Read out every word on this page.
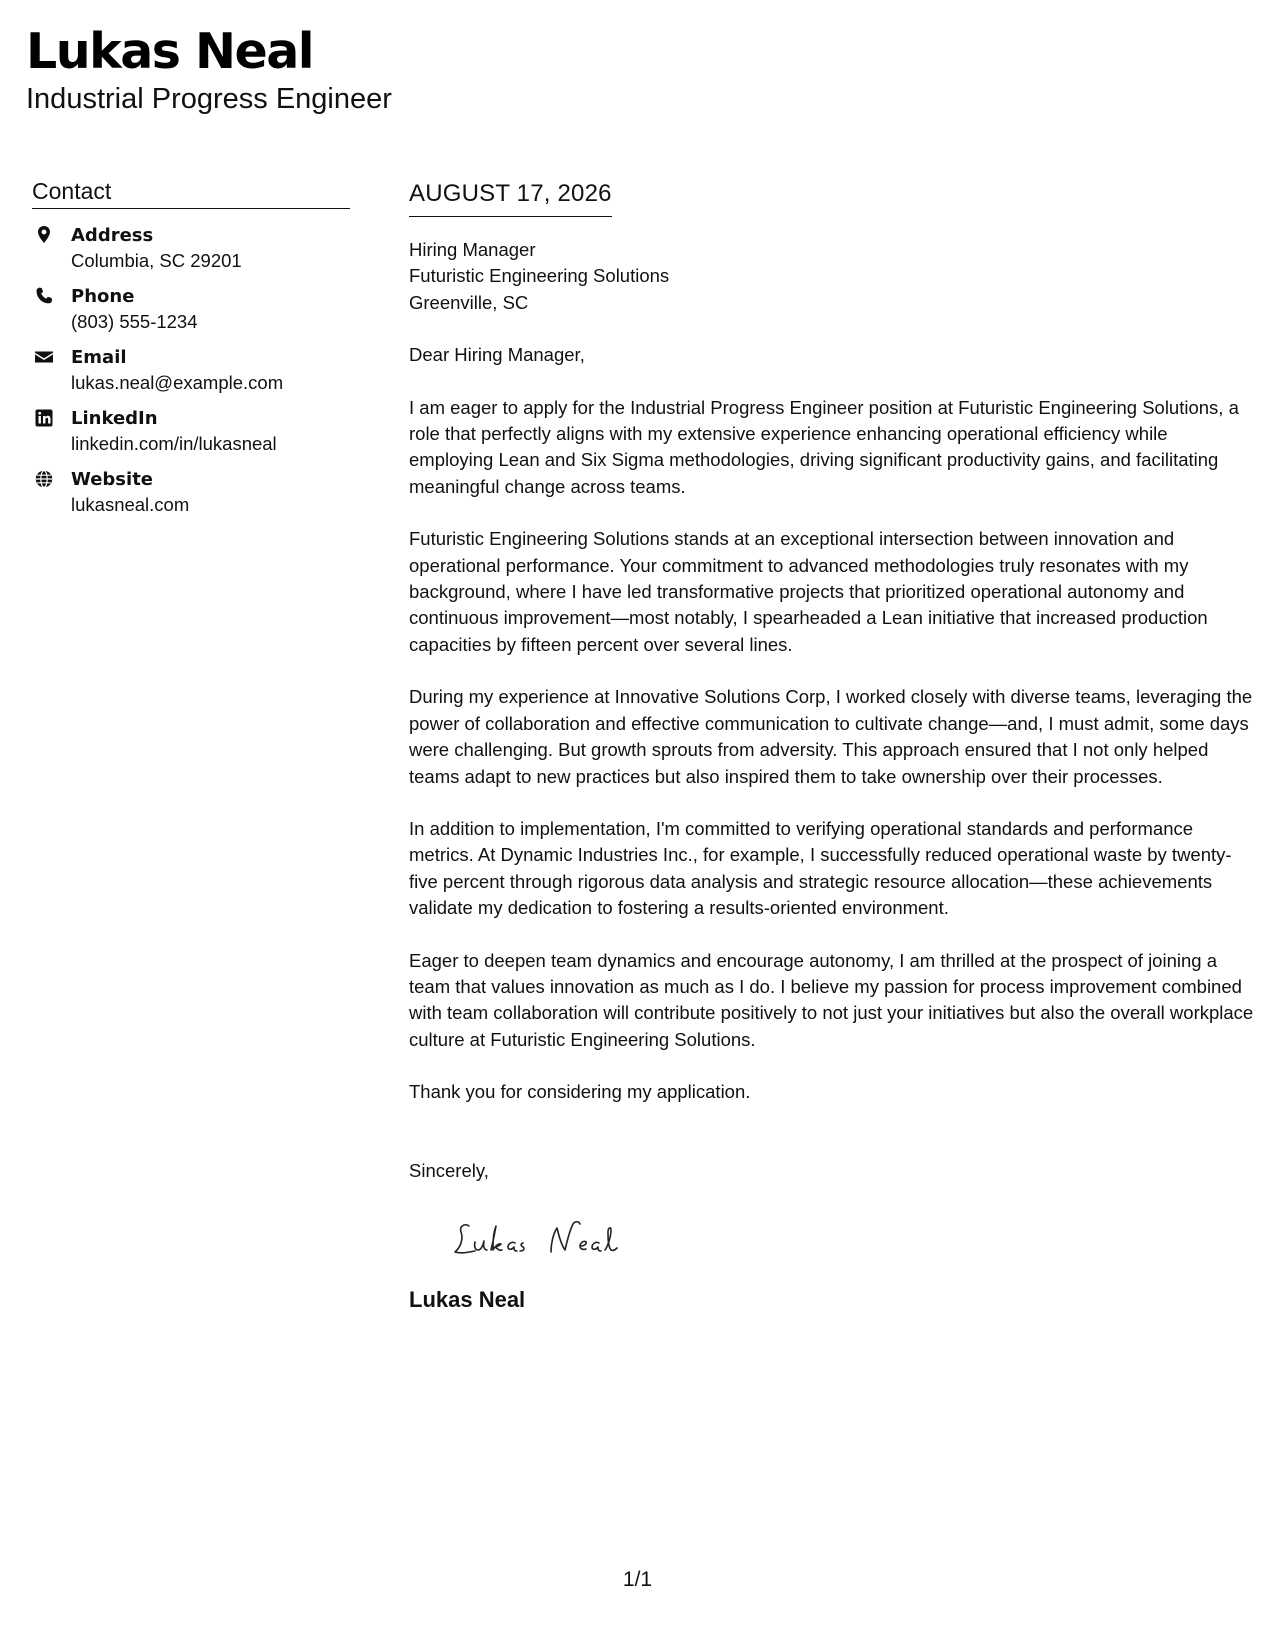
Lukas Neal
Industrial Progress Engineer
Contact
Address
Columbia, SC 29201
Phone
(803) 555-1234
Email
lukas.neal@example.com
LinkedIn
linkedin.com/in/lukasneal
Website
lukasneal.com
AUGUST 17, 2026
Hiring Manager
Futuristic Engineering Solutions
Greenville, SC
Dear Hiring Manager,

I am eager to apply for the Industrial Progress Engineer position at Futuristic Engineering Solutions, a role that perfectly aligns with my extensive experience enhancing operational efficiency while employing Lean and Six Sigma methodologies, driving significant productivity gains, and facilitating meaningful change across teams.

Futuristic Engineering Solutions stands at an exceptional intersection between innovation and operational performance. Your commitment to advanced methodologies truly resonates with my background, where I have led transformative projects that prioritized operational autonomy and continuous improvement—most notably, I spearheaded a Lean initiative that increased production capacities by fifteen percent over several lines.

During my experience at Innovative Solutions Corp, I worked closely with diverse teams, leveraging the power of collaboration and effective communication to cultivate change—and, I must admit, some days were challenging. But growth sprouts from adversity. This approach ensured that I not only helped teams adapt to new practices but also inspired them to take ownership over their processes.

In addition to implementation, I'm committed to verifying operational standards and performance metrics. At Dynamic Industries Inc., for example, I successfully reduced operational waste by twenty-five percent through rigorous data analysis and strategic resource allocation—these achievements validate my dedication to fostering a results-oriented environment.

Eager to deepen team dynamics and encourage autonomy, I am thrilled at the prospect of joining a team that values innovation as much as I do. I believe my passion for process improvement combined with team collaboration will contribute positively to not just your initiatives but also the overall workplace culture at Futuristic Engineering Solutions.

Thank you for considering my application.

Sincerely,
Lukas Neal
1/1
